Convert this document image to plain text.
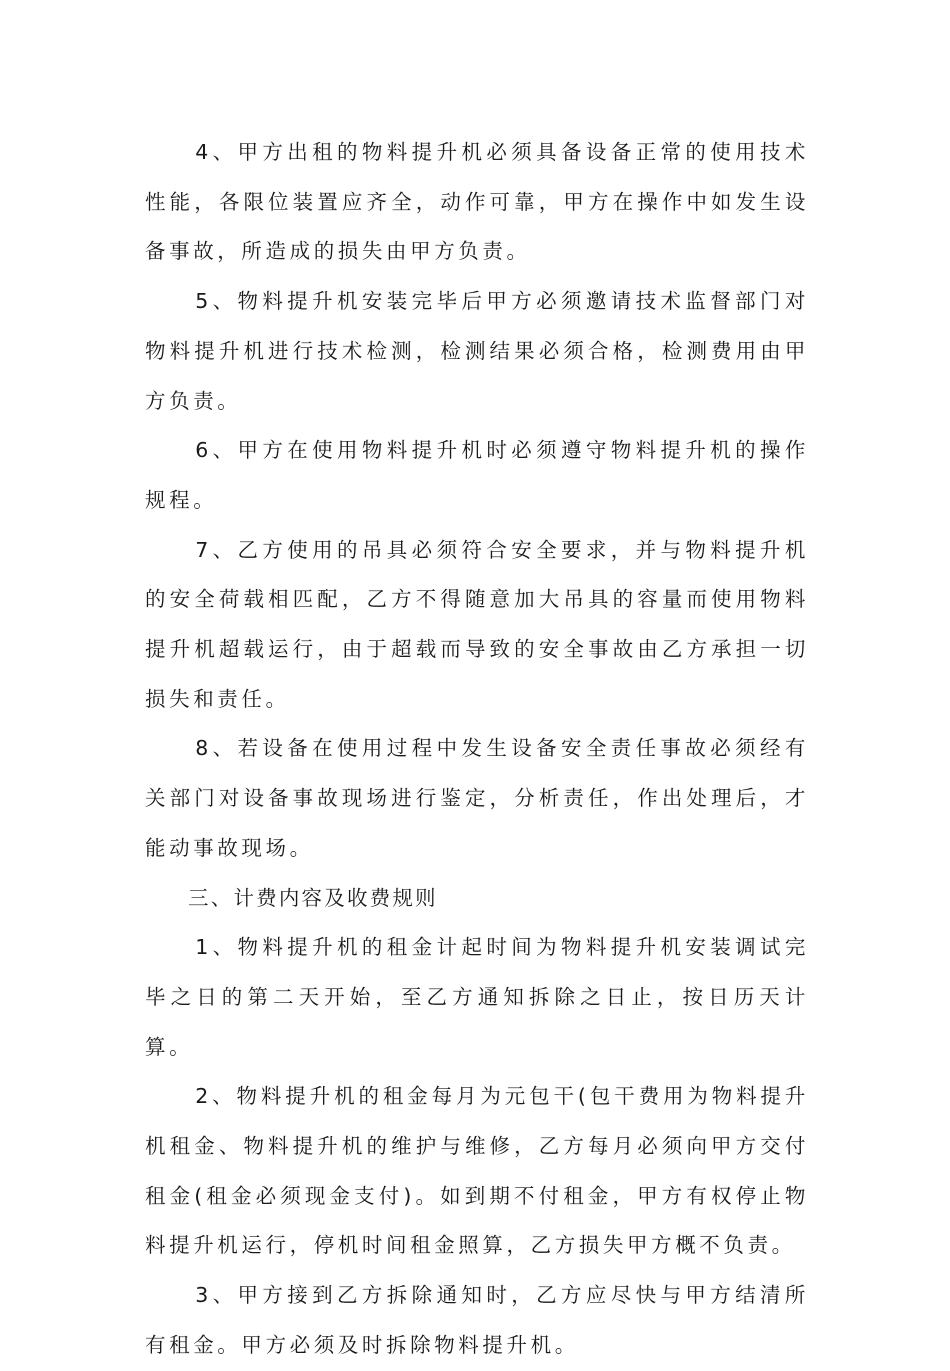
4、甲方出租的物料提升机必须具备设备正常的使用技术性能，各限位装置应齐全，动作可靠，甲方在操作中如发生设备事故，所造成的损失由甲方负责。

5、物料提升机安装完毕后甲方必须邀请技术监督部门对物料提升机进行技术检测，检测结果必须合格，检测费用由甲方负责。

6、甲方在使用物料提升机时必须遵守物料提升机的操作规程。

7、乙方使用的吊具必须符合安全要求，并与物料提升机的安全荷载相匹配，乙方不得随意加大吊具的容量而使用物料提升机超载运行，由于超载而导致的安全事故由乙方承担一切损失和责任。

8、若设备在使用过程中发生设备安全责任事故必须经有关部门对设备事故现场进行鉴定，分析责任，作出处理后，才能动事故现场。

三、计费内容及收费规则

1、物料提升机的租金计起时间为物料提升机安装调试完毕之日的第二天开始，至乙方通知拆除之日止，按日历天计算。

2、物料提升机的租金每月为元包干(包干费用为物料提升机租金、物料提升机的维护与维修，乙方每月必须向甲方交付租金(租金必须现金支付)。如到期不付租金，甲方有权停止物料提升机运行，停机时间租金照算，乙方损失甲方概不负责。

3、甲方接到乙方拆除通知时，乙方应尽快与甲方结清所有租金。甲方必须及时拆除物料提升机。
